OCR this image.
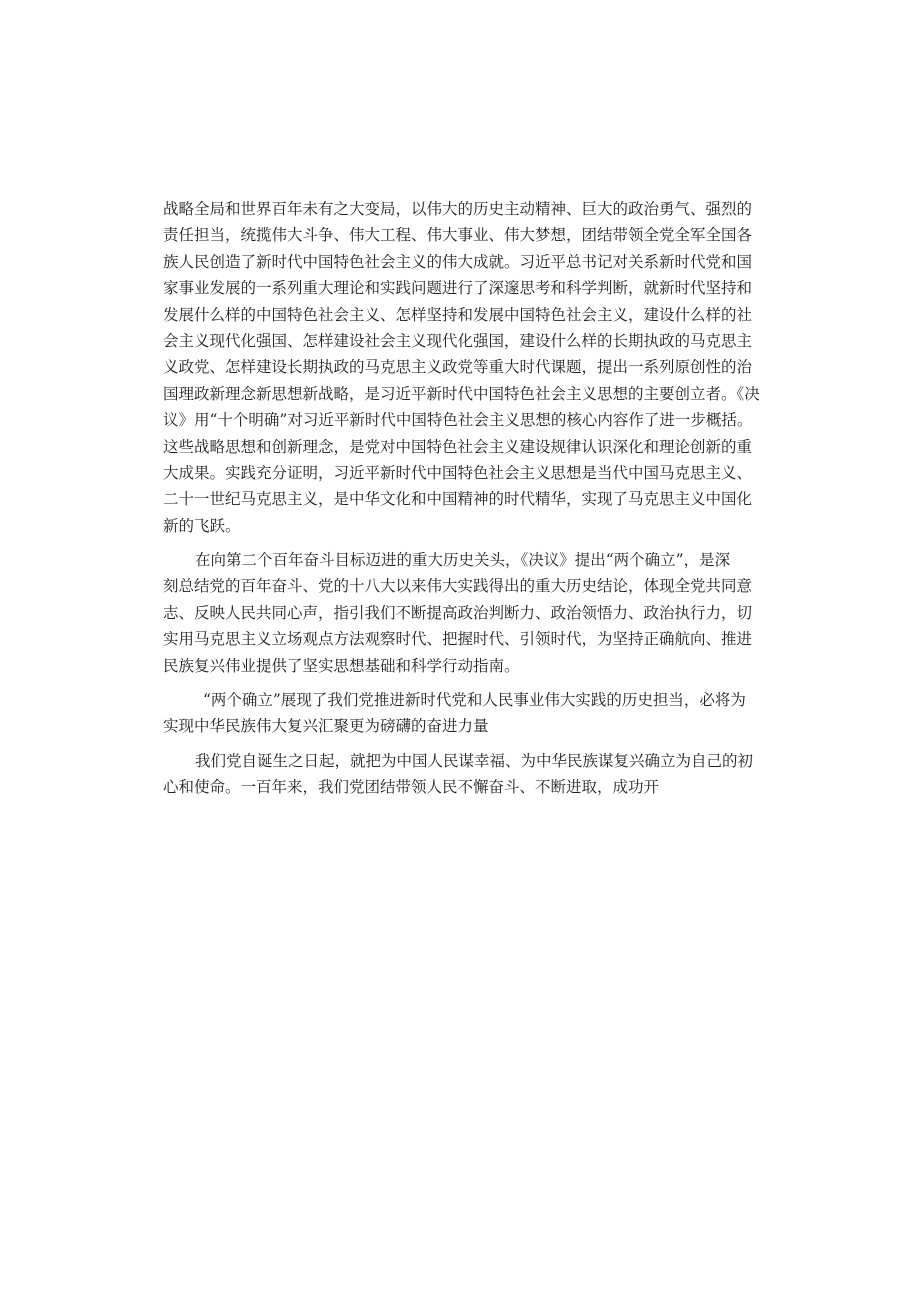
战略全局和世界百年未有之大变局，以伟大的历史主动精神、巨大的政治勇气、强烈的

责任担当，统揽伟大斗争、伟大工程、伟大事业、伟大梦想，团结带领全党全军全国各

族人民创造了新时代中国特色社会主义的伟大成就。习近平总书记对关系新时代党和国

家事业发展的一系列重大理论和实践问题进行了深邃思考和科学判断，就新时代坚持和

发展什么样的中国特色社会主义、怎样坚持和发展中国特色社会主义，建设什么样的社

会主义现代化强国、怎样建设社会主义现代化强国，建设什么样的长期执政的马克思主

义政党、怎样建设长期执政的马克思主义政党等重大时代课题，提出一系列原创性的治

国理政新理念新思想新战略，是习近平新时代中国特色社会主义思想的主要创立者。《决

议》用“十个明确”对习近平新时代中国特色社会主义思想的核心内容作了进一步概括。

这些战略思想和创新理念，是党对中国特色社会主义建设规律认识深化和理论创新的重

大成果。实践充分证明，习近平新时代中国特色社会主义思想是当代中国马克思主义、

二十一世纪马克思主义，是中华文化和中国精神的时代精华，实现了马克思主义中国化

新的飞跃。

在向第二个百年奋斗目标迈进的重大历史关头，《决议》提出“两个确立”，是深

刻总结党的百年奋斗、党的十八大以来伟大实践得出的重大历史结论，体现全党共同意

志、反映人民共同心声，指引我们不断提高政治判断力、政治领悟力、政治执行力，切

实用马克思主义立场观点方法观察时代、把握时代、引领时代，为坚持正确航向、推进

民族复兴伟业提供了坚实思想基础和科学行动指南。

“两个确立”展现了我们党推进新时代党和人民事业伟大实践的历史担当，必将为

实现中华民族伟大复兴汇聚更为磅礴的奋进力量

我们党自诞生之日起，就把为中国人民谋幸福、为中华民族谋复兴确立为自己的初

心和使命。一百年来，我们党团结带领人民不懈奋斗、不断进取，成功开
